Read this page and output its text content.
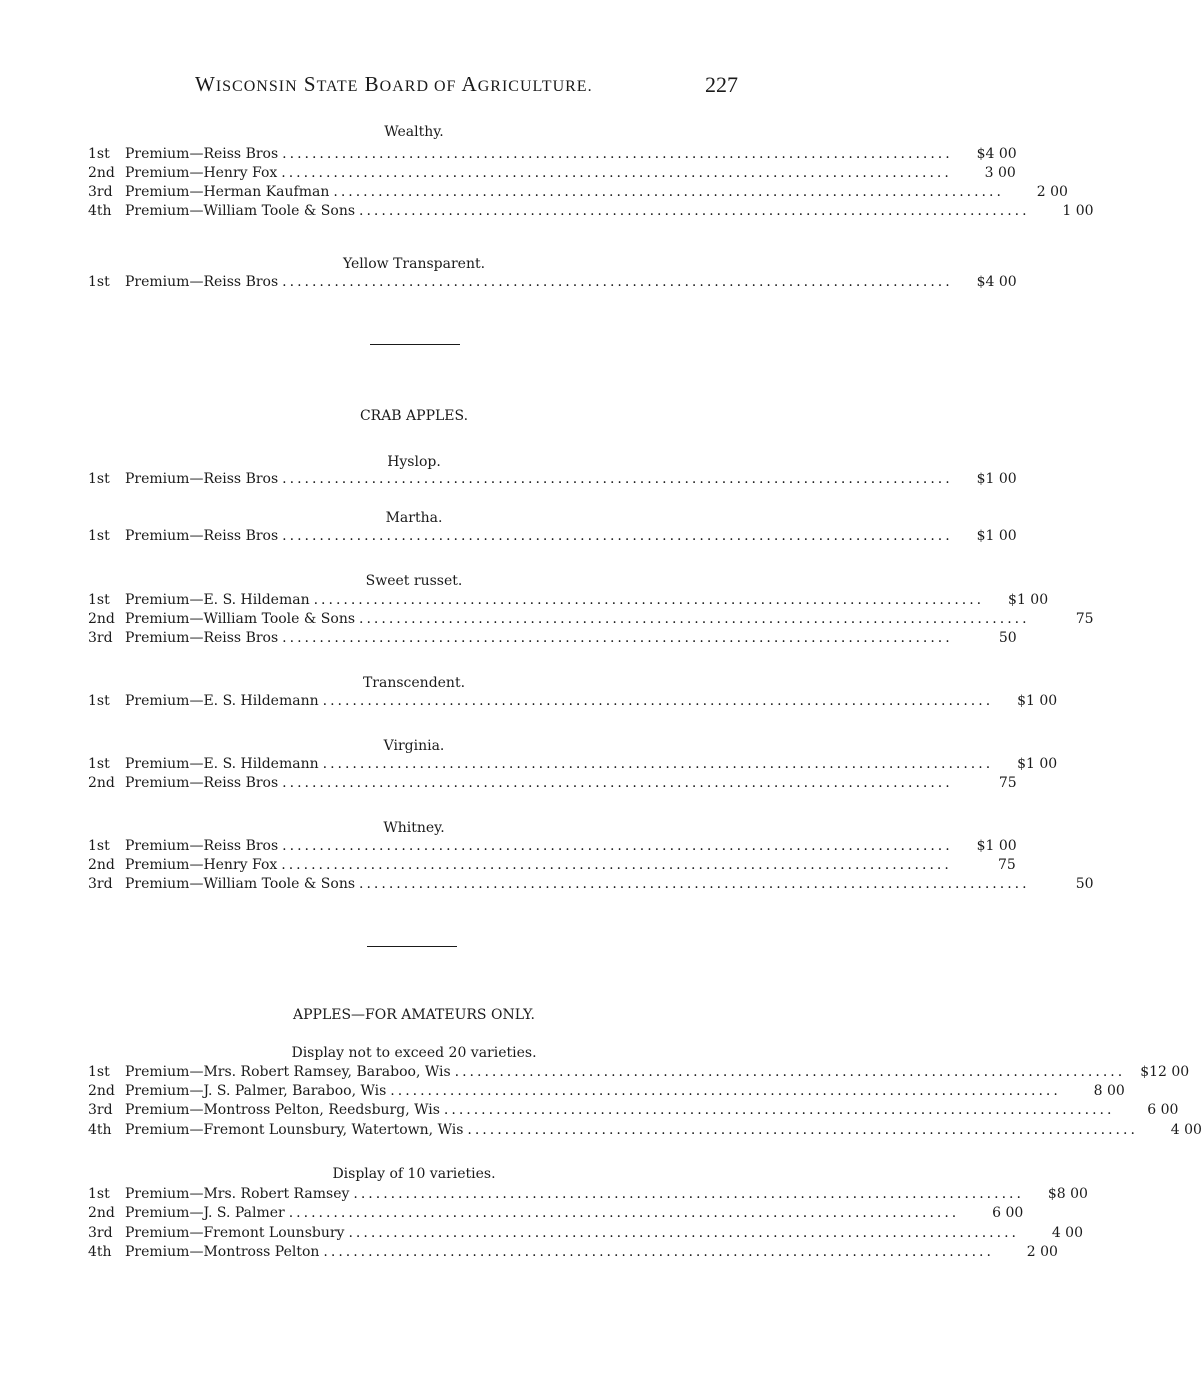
WISCONSIN STATE BOARD OF AGRICULTURE.	227
Wealthy.
1st	Premium—Reiss Bros ..........................................................................................	$4 00
2nd Premium—Henry Fox ..........................................................................................	3 00
3rd Premium—Herman Kaufman ..........................................................................................	2 00
4th Premium—William Toole & Sons ..........................................................................................	1 00
Yellow Transparent.
1st	Premium—Reiss Bros ..........................................................................................	$4 00
CRAB APPLES.
Hyslop.
1st	Premium—Reiss Bros ..........................................................................................	$1 00
Martha.
1st	Premium—Reiss Bros ..........................................................................................	$1 00
Sweet russet.
1st	Premium—E. S. Hildeman ..........................................................................................	$1 00
2nd Premium—William Toole & Sons ..........................................................................................	75
3rd Premium—Reiss Bros ..........................................................................................	50
Transcendent.
1st	Premium—E. S. Hildemann ..........................................................................................	$1 00
Virginia.
1st	Premium—E. S. Hildemann ..........................................................................................	$1 00
2nd Premium—Reiss Bros ..........................................................................................	75
Whitney.
1st	Premium—Reiss Bros ..........................................................................................	$1 00
2nd Premium—Henry Fox ..........................................................................................	75
3rd Premium—William Toole & Sons ..........................................................................................	50
APPLES—FOR AMATEURS ONLY.
Display not to exceed 20 varieties.
1st	Premium—Mrs. Robert Ramsey, Baraboo, Wis ..........................................................................................	$12 00
2nd Premium—J. S. Palmer, Baraboo, Wis ..........................................................................................	8 00
3rd Premium—Montross Pelton, Reedsburg, Wis ..........................................................................................	6 00
4th Premium—Fremont Lounsbury, Watertown, Wis ..........................................................................................	4 00
Display of 10 varieties.
1st	Premium—Mrs. Robert Ramsey ..........................................................................................	$8 00
2nd Premium—J. S. Palmer ..........................................................................................	6 00
3rd Premium—Fremont Lounsbury ..........................................................................................	4 00
4th Premium—Montross Pelton ..........................................................................................	2 00
